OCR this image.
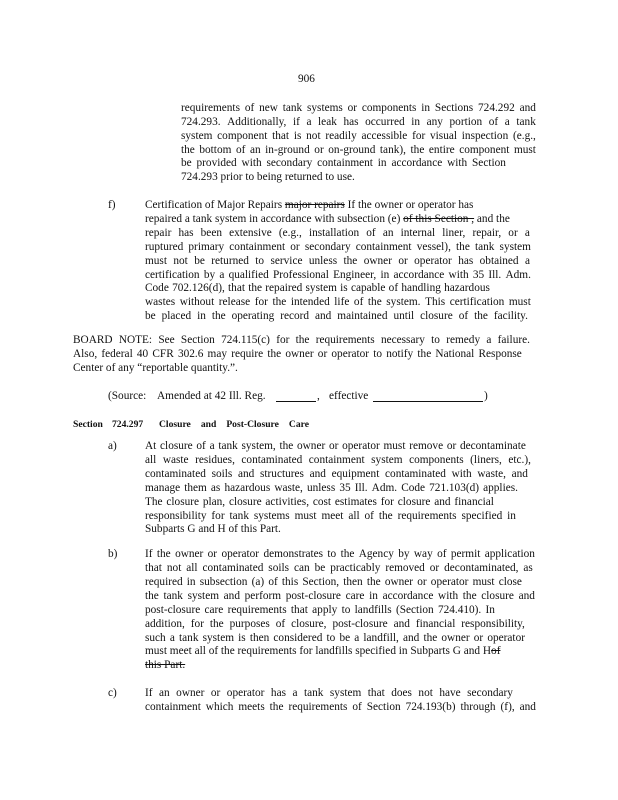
906
requirements of new tank systems or components in Sections 724.292 and
724.293. Additionally, if a leak has occurred in any portion of a tank
system component that is not readily accessible for visual inspection (e.g.,
the bottom of an in-ground or on-ground tank), the entire component must
be provided with secondary containment in accordance with Section
724.293 prior to being returned to use.
f)	Certification of Major Repairs major repairs If the owner or operator has
repaired a tank system in accordance with subsection (e) of this Section , and the
repair has been extensive (e.g., installation of an internal liner, repair, or a
ruptured primary containment or secondary containment vessel), the tank system
must not be returned to service unless the owner or operator has obtained a
certification by a qualified Professional Engineer, in accordance with 35 Ill. Adm.
Code 702.126(d), that the repaired system is capable of handling hazardous
wastes without release for the intended life of the system. This certification must
be placed in the operating record and maintained until closure of the facility.
BOARD NOTE: See Section 724.115(c) for the requirements necessary to remedy a failure.
Also, federal 40 CFR 302.6 may require the owner or operator to notify the National Response
Center of any “reportable quantity.”.
(Source: Amended at 42 Ill. Reg.	, effective	)
Section 724.297 Closure and Post-Closure Care
a) At closure of a tank system, the owner or operator must remove or decontaminate
all waste residues, contaminated containment system components (liners, etc.),
contaminated soils and structures and equipment contaminated with waste, and
manage them as hazardous waste, unless 35 Ill. Adm. Code 721.103(d) applies.
The closure plan, closure activities, cost estimates for closure and financial
responsibility for tank systems must meet all of the requirements specified in
Subparts G and H of this Part.
b) If the owner or operator demonstrates to the Agency by way of permit application
that not all contaminated soils can be practicably removed or decontaminated, as
required in subsection (a) of this Section, then the owner or operator must close
the tank system and perform post-closure care in accordance with the closure and
post-closure care requirements that apply to landfills (Section 724.410). In
addition, for the purposes of closure, post-closure and financial responsibility,
such a tank system is then considered to be a landfill, and the owner or operator
must meet all of the requirements for landfills specified in Subparts G and Hof
this Part.
c) If an owner or operator has a tank system that does not have secondary
containment which meets the requirements of Section 724.193(b) through (f), and
